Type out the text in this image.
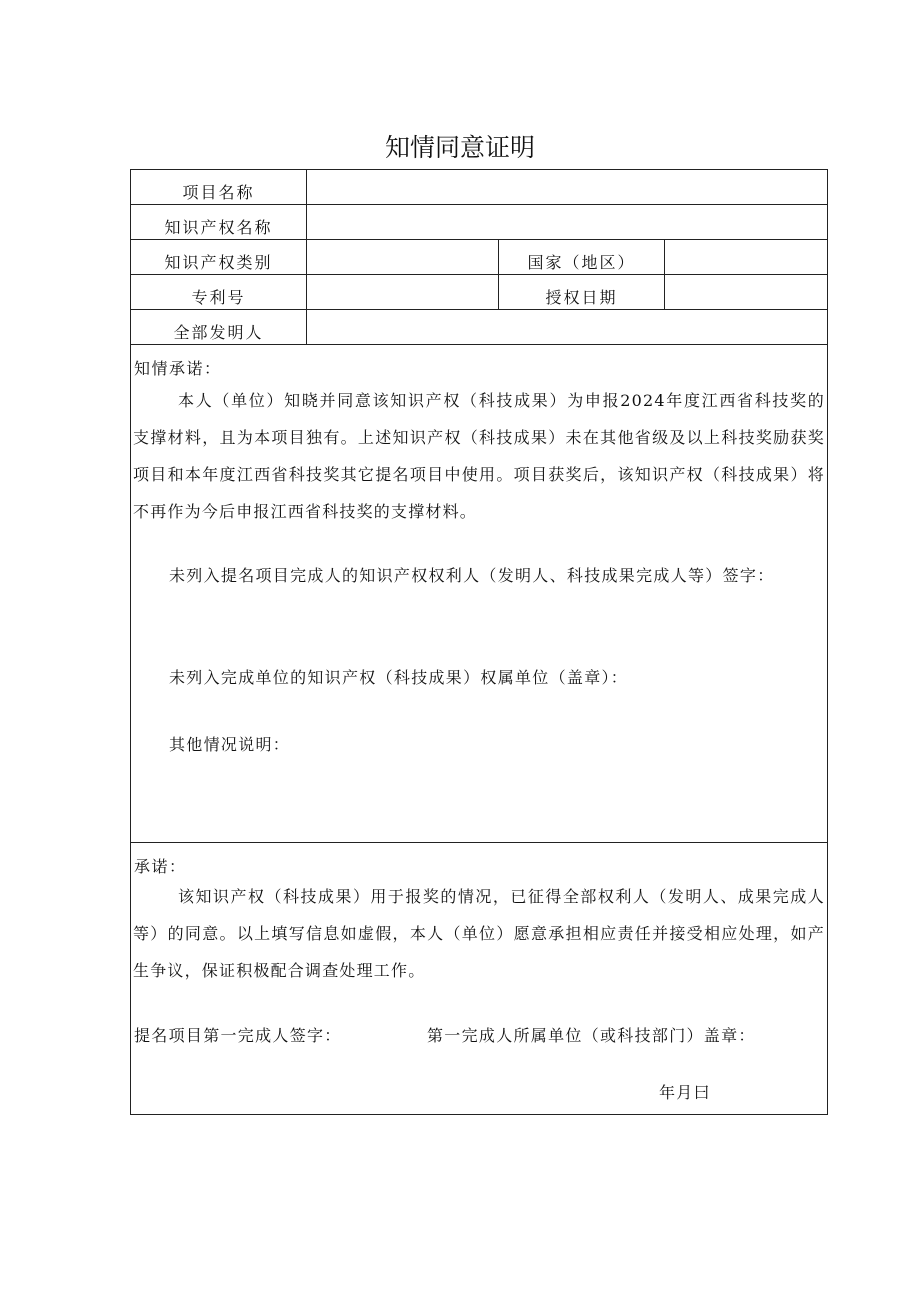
知情同意证明
项目名称
知识产权名称
知识产权类别	国家（地区）
专利号	授权日期
全部发明人
知情承诺：
本人（单位）知晓并同意该知识产权（科技成果）为申报2024年度江西省科技奖的支撑材料，且为本项目独有。上述知识产权（科技成果）未在其他省级及以上科技奖励获奖项目和本年度江西省科技奖其它提名项目中使用。项目获奖后，该知识产权（科技成果）将不再作为今后申报江西省科技奖的支撑材料。
未列入提名项目完成人的知识产权权利人（发明人、科技成果完成人等）签字：
未列入完成单位的知识产权（科技成果）权属单位（盖章）：
其他情况说明：
承诺：
该知识产权（科技成果）用于报奖的情况，已征得全部权利人（发明人、成果完成人等）的同意。以上填写信息如虚假，本人（单位）愿意承担相应责任并接受相应处理，如产生争议，保证积极配合调查处理工作。
提名项目第一完成人签字：	第一完成人所属单位（或科技部门）盖章：
年月曰
